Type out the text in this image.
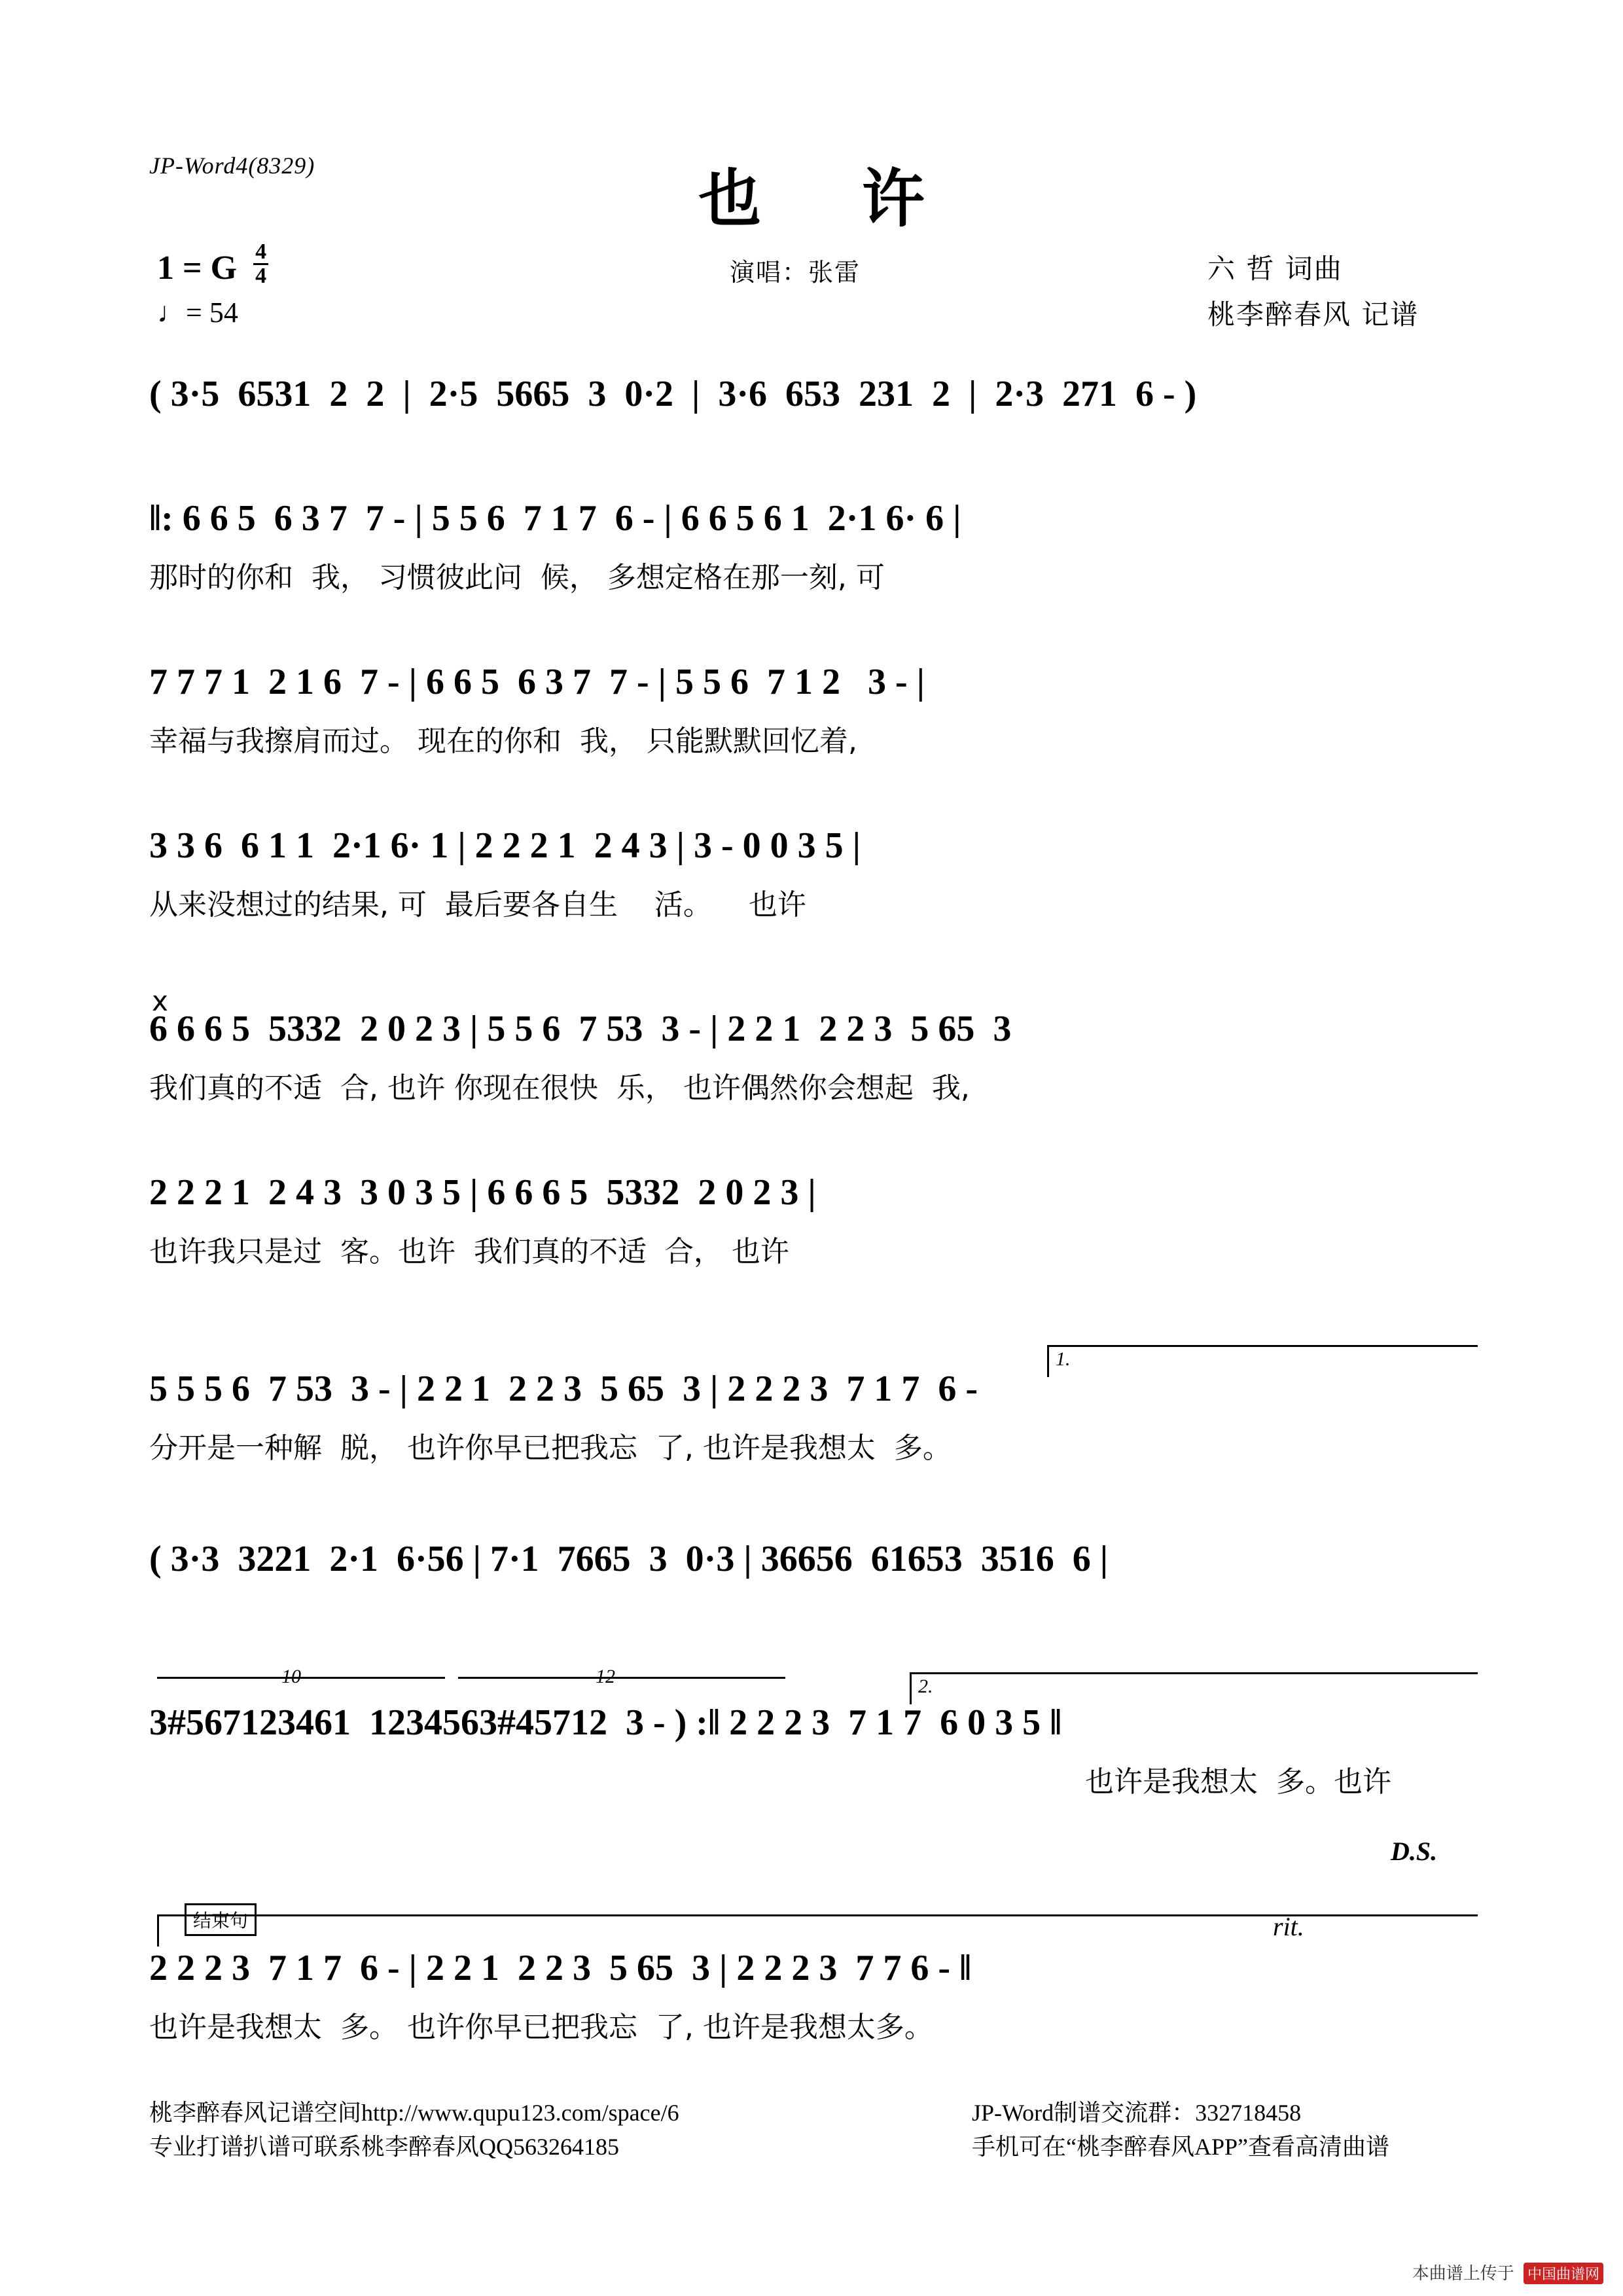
JP-Word4(8329)	也 许
演唱：张雷	六 哲 词曲
桃李醉春风 记谱
1 = G $\frac{4}{4}$
♩= 54
( 3·5  6531  2  2  |  2·5  5665  3  0·2  |  3·6  653  231  2  |  2·3  271  6 - )
‖: 6 6 5  6 3 7  7 - | 5 5 6  7 1 7  6 - | 6 6 5 6 1  2·1 6· 6 |
那时的你和  我， 习惯彼此问  候， 多想定格在那一刻, 可
7 7 7 1  2 1 6  7 - | 6 6 5  6 3 7  7 - | 5 5 6  7 1 2   3 - |
幸福与我擦肩而过。 现在的你和  我， 只能默默回忆着,
3 3 6  6 1 1  2·1 6· 1 | 2 2 2 1  2 4 3 | 3 - 0 0 3 5 |
从来没想过的结果, 可  最后要各自生    活。    也许
x
6 6 6 5  5332  2 0 2 3 | 5 5 6  7 53  3 - | 2 2 1  2 2 3  5 65  3
我们真的不适  合, 也许 你现在很快  乐， 也许偶然你会想起  我,
2 2 2 1  2 4 3  3 0 3 5 | 6 6 6 5  5332  2 0 2 3 |
也许我只是过  客。也许  我们真的不适  合， 也许
1.
5 5 5 6  7 53  3 - | 2 2 1  2 2 3  5 65  3 | 2 2 2 3  7 1 7  6 -
分开是一种解  脱， 也许你早已把我忘  了, 也许是我想太  多。
( 3·3  3221  2·1  6·56 | 7·1  7665  3  0·3 | 36656  61653  3516  6 |
10	12	2.
3#567123461  1234563#45712  3 - ) :‖ 2 2 2 3  7 1 7  6 0 3 5 ‖
也许是我想太  多。也许
D.S.
结束句	rit.
2 2 2 3  7 1 7  6 - | 2 2 1  2 2 3  5 65  3 | 2 2 2 3  7 7 6 - ‖
也许是我想太  多。 也许你早已把我忘  了, 也许是我想太多。
桃李醉春风记谱空间http://www.qupu123.com/space/6
专业打谱扒谱可联系桃李醉春风QQ563264185
JP-Word制谱交流群：332718458
手机可在“桃李醉春风APP”查看高清曲谱
本曲谱上传于 中国曲谱网
